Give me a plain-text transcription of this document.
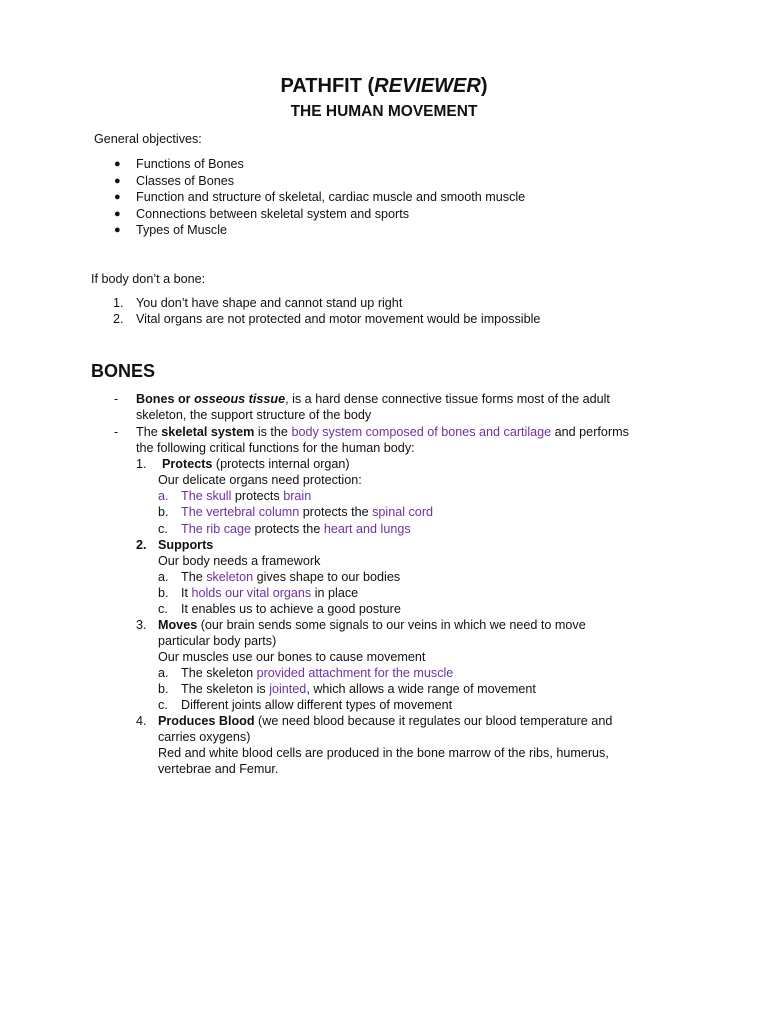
PATHFIT (REVIEWER)
THE HUMAN MOVEMENT
General objectives:
● Functions of Bones
● Classes of Bones
● Function and structure of skeletal, cardiac muscle and smooth muscle
● Connections between skeletal system and sports
● Types of Muscle
If body don’t a bone:
1. You don’t have shape and cannot stand up right
2. Vital organs are not protected and motor movement would be impossible
BONES
- Bones or osseous tissue, is a hard dense connective tissue forms most of the adult
skeleton, the support structure of the body
- The skeletal system is the body system composed of bones and cartilage and performs
the following critical functions for the human body:
1. Protects (protects internal organ)
Our delicate organs need protection:
a. The skull protects brain
b. The vertebral column protects the spinal cord
c. The rib cage protects the heart and lungs
2. Supports
Our body needs a framework
a. The skeleton gives shape to our bodies
b. It holds our vital organs in place
c. It enables us to achieve a good posture
3. Moves (our brain sends some signals to our veins in which we need to move
particular body parts)
Our muscles use our bones to cause movement
a. The skeleton provided attachment for the muscle
b. The skeleton is jointed, which allows a wide range of movement
c. Different joints allow different types of movement
4. Produces Blood (we need blood because it regulates our blood temperature and
carries oxygens)
Red and white blood cells are produced in the bone marrow of the ribs, humerus,
vertebrae and Femur.
